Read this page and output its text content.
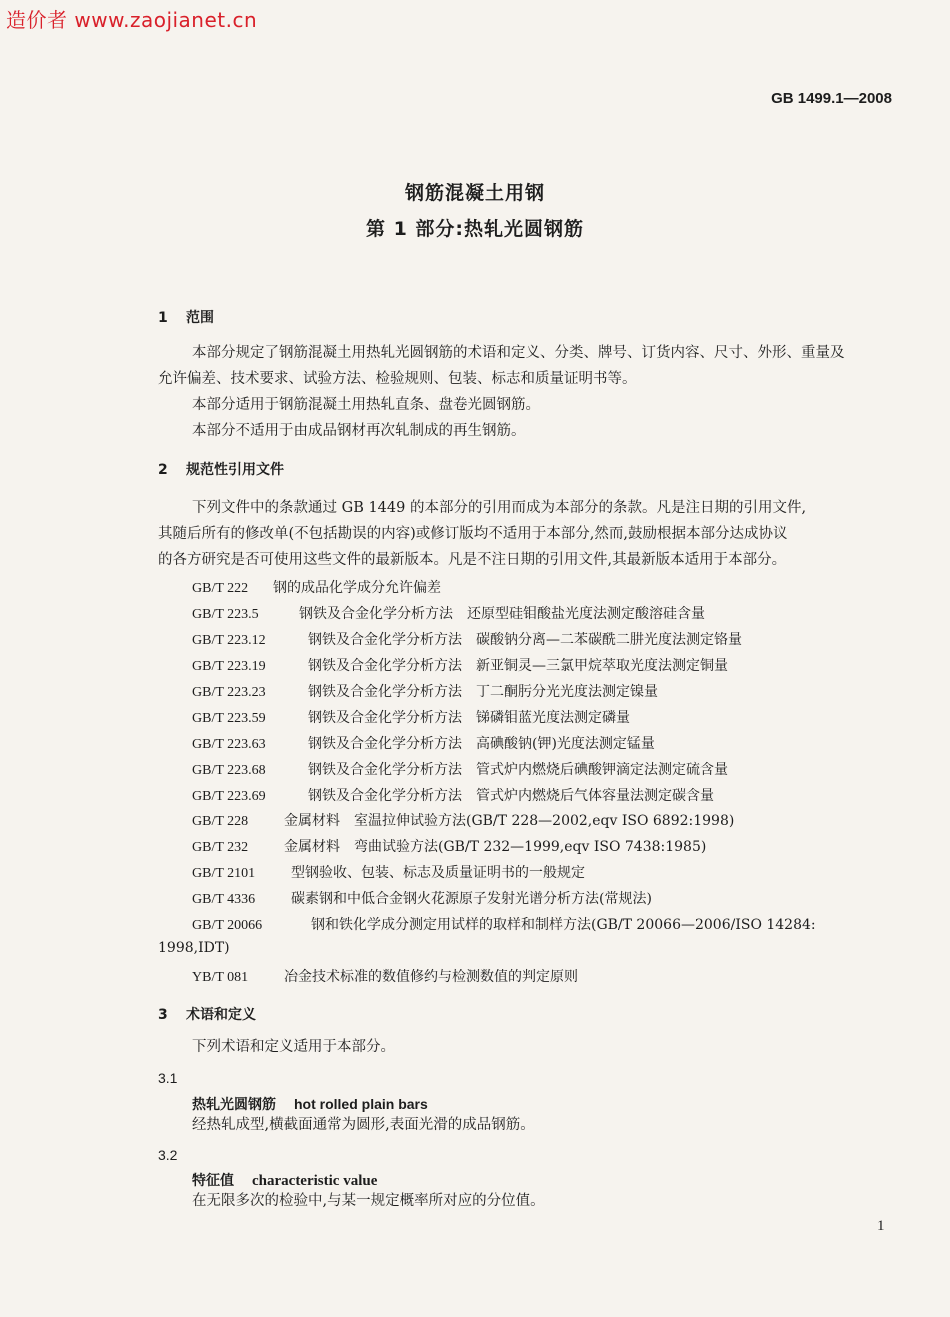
造价者 www.zaojianet.cn
GB 1499.1—2008
钢筋混凝土用钢
第 1 部分:热轧光圆钢筋
1 范围
本部分规定了钢筋混凝土用热轧光圆钢筋的术语和定义、分类、牌号、订货内容、尺寸、外形、重量及
允许偏差、技术要求、试验方法、检验规则、包装、标志和质量证明书等。
本部分适用于钢筋混凝土用热轧直条、盘卷光圆钢筋。
本部分不适用于由成品钢材再次轧制成的再生钢筋。
2 规范性引用文件
下列文件中的条款通过 GB 1449 的本部分的引用而成为本部分的条款。凡是注日期的引用文件,
其随后所有的修改单(不包括勘误的内容)或修订版均不适用于本部分,然而,鼓励根据本部分达成协议
的各方研究是否可使用这些文件的最新版本。凡是不注日期的引用文件,其最新版本适用于本部分。
GB/T 222 钢的成品化学成分允许偏差
GB/T 223.5	钢铁及合金化学分析方法　还原型硅钼酸盐光度法测定酸溶硅含量
GB/T 223.12	钢铁及合金化学分析方法　碳酸钠分离—二苯碳酰二肼光度法测定铬量
GB/T 223.19	钢铁及合金化学分析方法　新亚铜灵—三氯甲烷萃取光度法测定铜量
GB/T 223.23	钢铁及合金化学分析方法　丁二酮肟分光光度法测定镍量
GB/T 223.59	钢铁及合金化学分析方法　锑磷钼蓝光度法测定磷量
GB/T 223.63	钢铁及合金化学分析方法　高碘酸钠(钾)光度法测定锰量
GB/T 223.68	钢铁及合金化学分析方法　管式炉内燃烧后碘酸钾滴定法测定硫含量
GB/T 223.69	钢铁及合金化学分析方法　管式炉内燃烧后气体容量法测定碳含量
GB/T 228	金属材料　室温拉伸试验方法(GB/T 228—2002,eqv ISO 6892:1998)
GB/T 232	金属材料　弯曲试验方法(GB/T 232—1999,eqv ISO 7438:1985)
GB/T 2101	型钢验收、包装、标志及质量证明书的一般规定
GB/T 4336	碳素钢和中低合金钢火花源原子发射光谱分析方法(常规法)
GB/T 20066	钢和铁化学成分测定用试样的取样和制样方法(GB/T 20066—2006/ISO 14284:
1998,IDT)
YB/T 081	冶金技术标准的数值修约与检测数值的判定原则
3 术语和定义
下列术语和定义适用于本部分。
3.1
热轧光圆钢筋 hot rolled plain bars
经热轧成型,横截面通常为圆形,表面光滑的成品钢筋。
3.2
特征值 characteristic value
在无限多次的检验中,与某一规定概率所对应的分位值。
1
